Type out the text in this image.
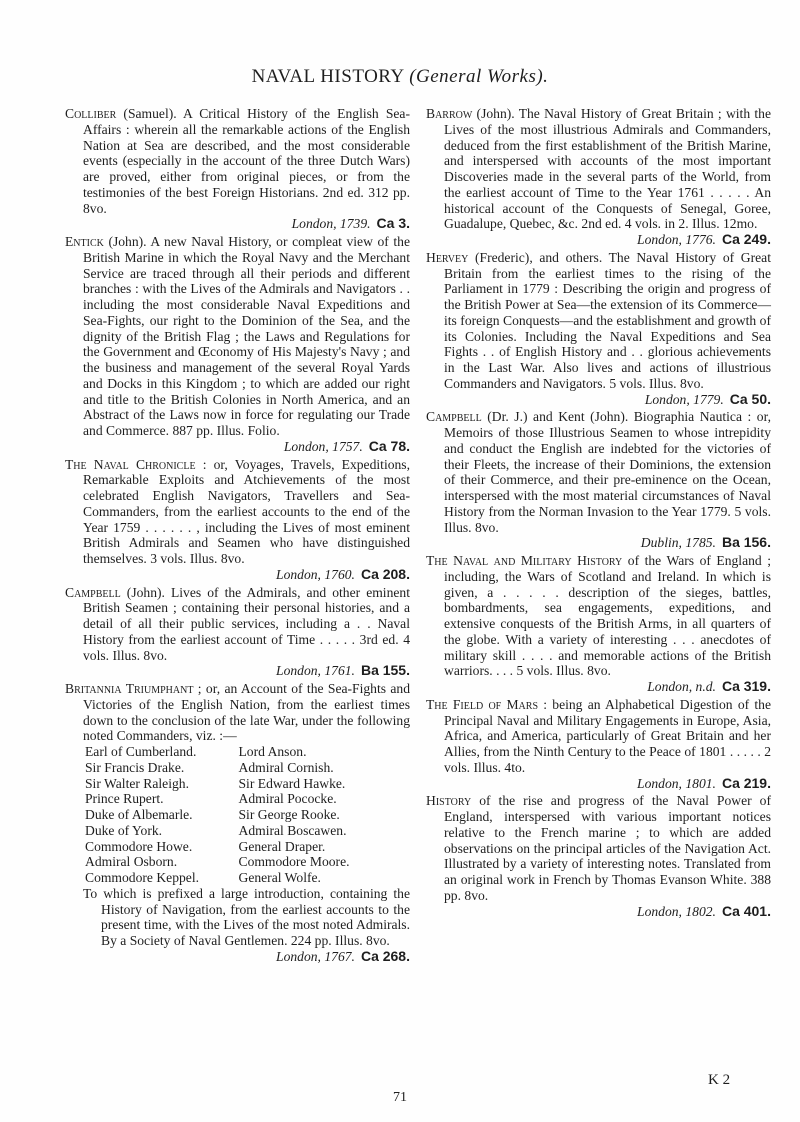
NAVAL HISTORY (General Works).
Colliber (Samuel). A Critical History of the English Sea-Affairs : wherein all the remarkable actions of the English Nation at Sea are described, and the most considerable events (especially in the account of the three Dutch Wars) are proved, either from original pieces, or from the testimonies of the best Foreign Historians. 2nd ed. 312 pp. 8vo.
London, 1739. Ca 3.
Entick (John). A new Naval History, or compleat view of the British Marine in which the Royal Navy and the Merchant Service are traced through all their periods and different branches : with the Lives of the Admirals and Navigators . . including the most considerable Naval Expeditions and Sea-Fights, our right to the Dominion of the Sea, and the dignity of the British Flag ; the Laws and Regulations for the Government and Œconomy of His Majesty's Navy ; and the business and management of the several Royal Yards and Docks in this Kingdom ; to which are added our right and title to the British Colonies in North America, and an Abstract of the Laws now in force for regulating our Trade and Commerce. 887 pp. Illus. Folio.
London, 1757. Ca 78.
The Naval Chronicle : or, Voyages, Travels, Expeditions, Remarkable Exploits and Atchievements of the most celebrated English Navigators, Travellers and Sea-Commanders, from the earliest accounts to the end of the Year 1759 . . . . . . , including the Lives of most eminent British Admirals and Seamen who have distinguished themselves. 3 vols. Illus. 8vo.
London, 1760. Ca 208.
Campbell (John). Lives of the Admirals, and other eminent British Seamen ; containing their personal histories, and a detail of all their public services, including a . . Naval History from the earliest account of Time . . . . . 3rd ed. 4 vols. Illus. 8vo.
London, 1761. Ba 155.
Britannia Triumphant ; or, an Account of the Sea-Fights and Victories of the English Nation, from the earliest times down to the conclusion of the late War, under the following noted Commanders, viz. :—
Earl of Cumberland.	Lord Anson.
Sir Francis Drake.	Admiral Cornish.
Sir Walter Raleigh.	Sir Edward Hawke.
Prince Rupert.	Admiral Pococke.
Duke of Albemarle.	Sir George Rooke.
Duke of York.	Admiral Boscawen.
Commodore Howe.	General Draper.
Admiral Osborn.	Commodore Moore.
Commodore Keppel.	General Wolfe.
To which is prefixed a large introduction, containing the History of Navigation, from the earliest accounts to the present time, with the Lives of the most noted Admirals. By a Society of Naval Gentlemen. 224 pp. Illus. 8vo.
London, 1767. Ca 268.
Barrow (John). The Naval History of Great Britain ; with the Lives of the most illustrious Admirals and Commanders, deduced from the first establishment of the British Marine, and interspersed with accounts of the most important Discoveries made in the several parts of the World, from the earliest account of Time to the Year 1761 . . . . . An historical account of the Conquests of Senegal, Goree, Guadalupe, Quebec, &c. 2nd ed. 4 vols. in 2. Illus. 12mo.
London, 1776. Ca 249.
Hervey (Frederic), and others. The Naval History of Great Britain from the earliest times to the rising of the Parliament in 1779 : Describing the origin and progress of the British Power at Sea—the extension of its Commerce—its foreign Conquests—and the establishment and growth of its Colonies. Including the Naval Expeditions and Sea Fights . . of English History and . . glorious achievements in the Last War. Also lives and actions of illustrious Commanders and Navigators. 5 vols. Illus. 8vo.
London, 1779. Ca 50.
Campbell (Dr. J.) and Kent (John). Biographia Nautica : or, Memoirs of those Illustrious Seamen to whose intrepidity and conduct the English are indebted for the victories of their Fleets, the increase of their Dominions, the extension of their Commerce, and their pre-eminence on the Ocean, interspersed with the most material circumstances of Naval History from the Norman Invasion to the Year 1779. 5 vols. Illus. 8vo.
Dublin, 1785. Ba 156.
The Naval and Military History of the Wars of England ; including, the Wars of Scotland and Ireland. In which is given, a . . . . . description of the sieges, battles, bombardments, sea engagements, expeditions, and extensive conquests of the British Arms, in all quarters of the globe. With a variety of interesting . . . anecdotes of military skill . . . . and memorable actions of the British warriors. . . . 5 vols. Illus. 8vo.
London, n.d. Ca 319.
The Field of Mars : being an Alphabetical Digestion of the Principal Naval and Military Engagements in Europe, Asia, Africa, and America, particularly of Great Britain and her Allies, from the Ninth Century to the Peace of 1801 . . . . . 2 vols. Illus. 4to.
London, 1801. Ca 219.
History of the rise and progress of the Naval Power of England, interspersed with various important notices relative to the French marine ; to which are added observations on the principal articles of the Navigation Act. Illustrated by a variety of interesting notes. Translated from an original work in French by Thomas Evanson White. 388 pp. 8vo.
London, 1802. Ca 401.
71
K 2
